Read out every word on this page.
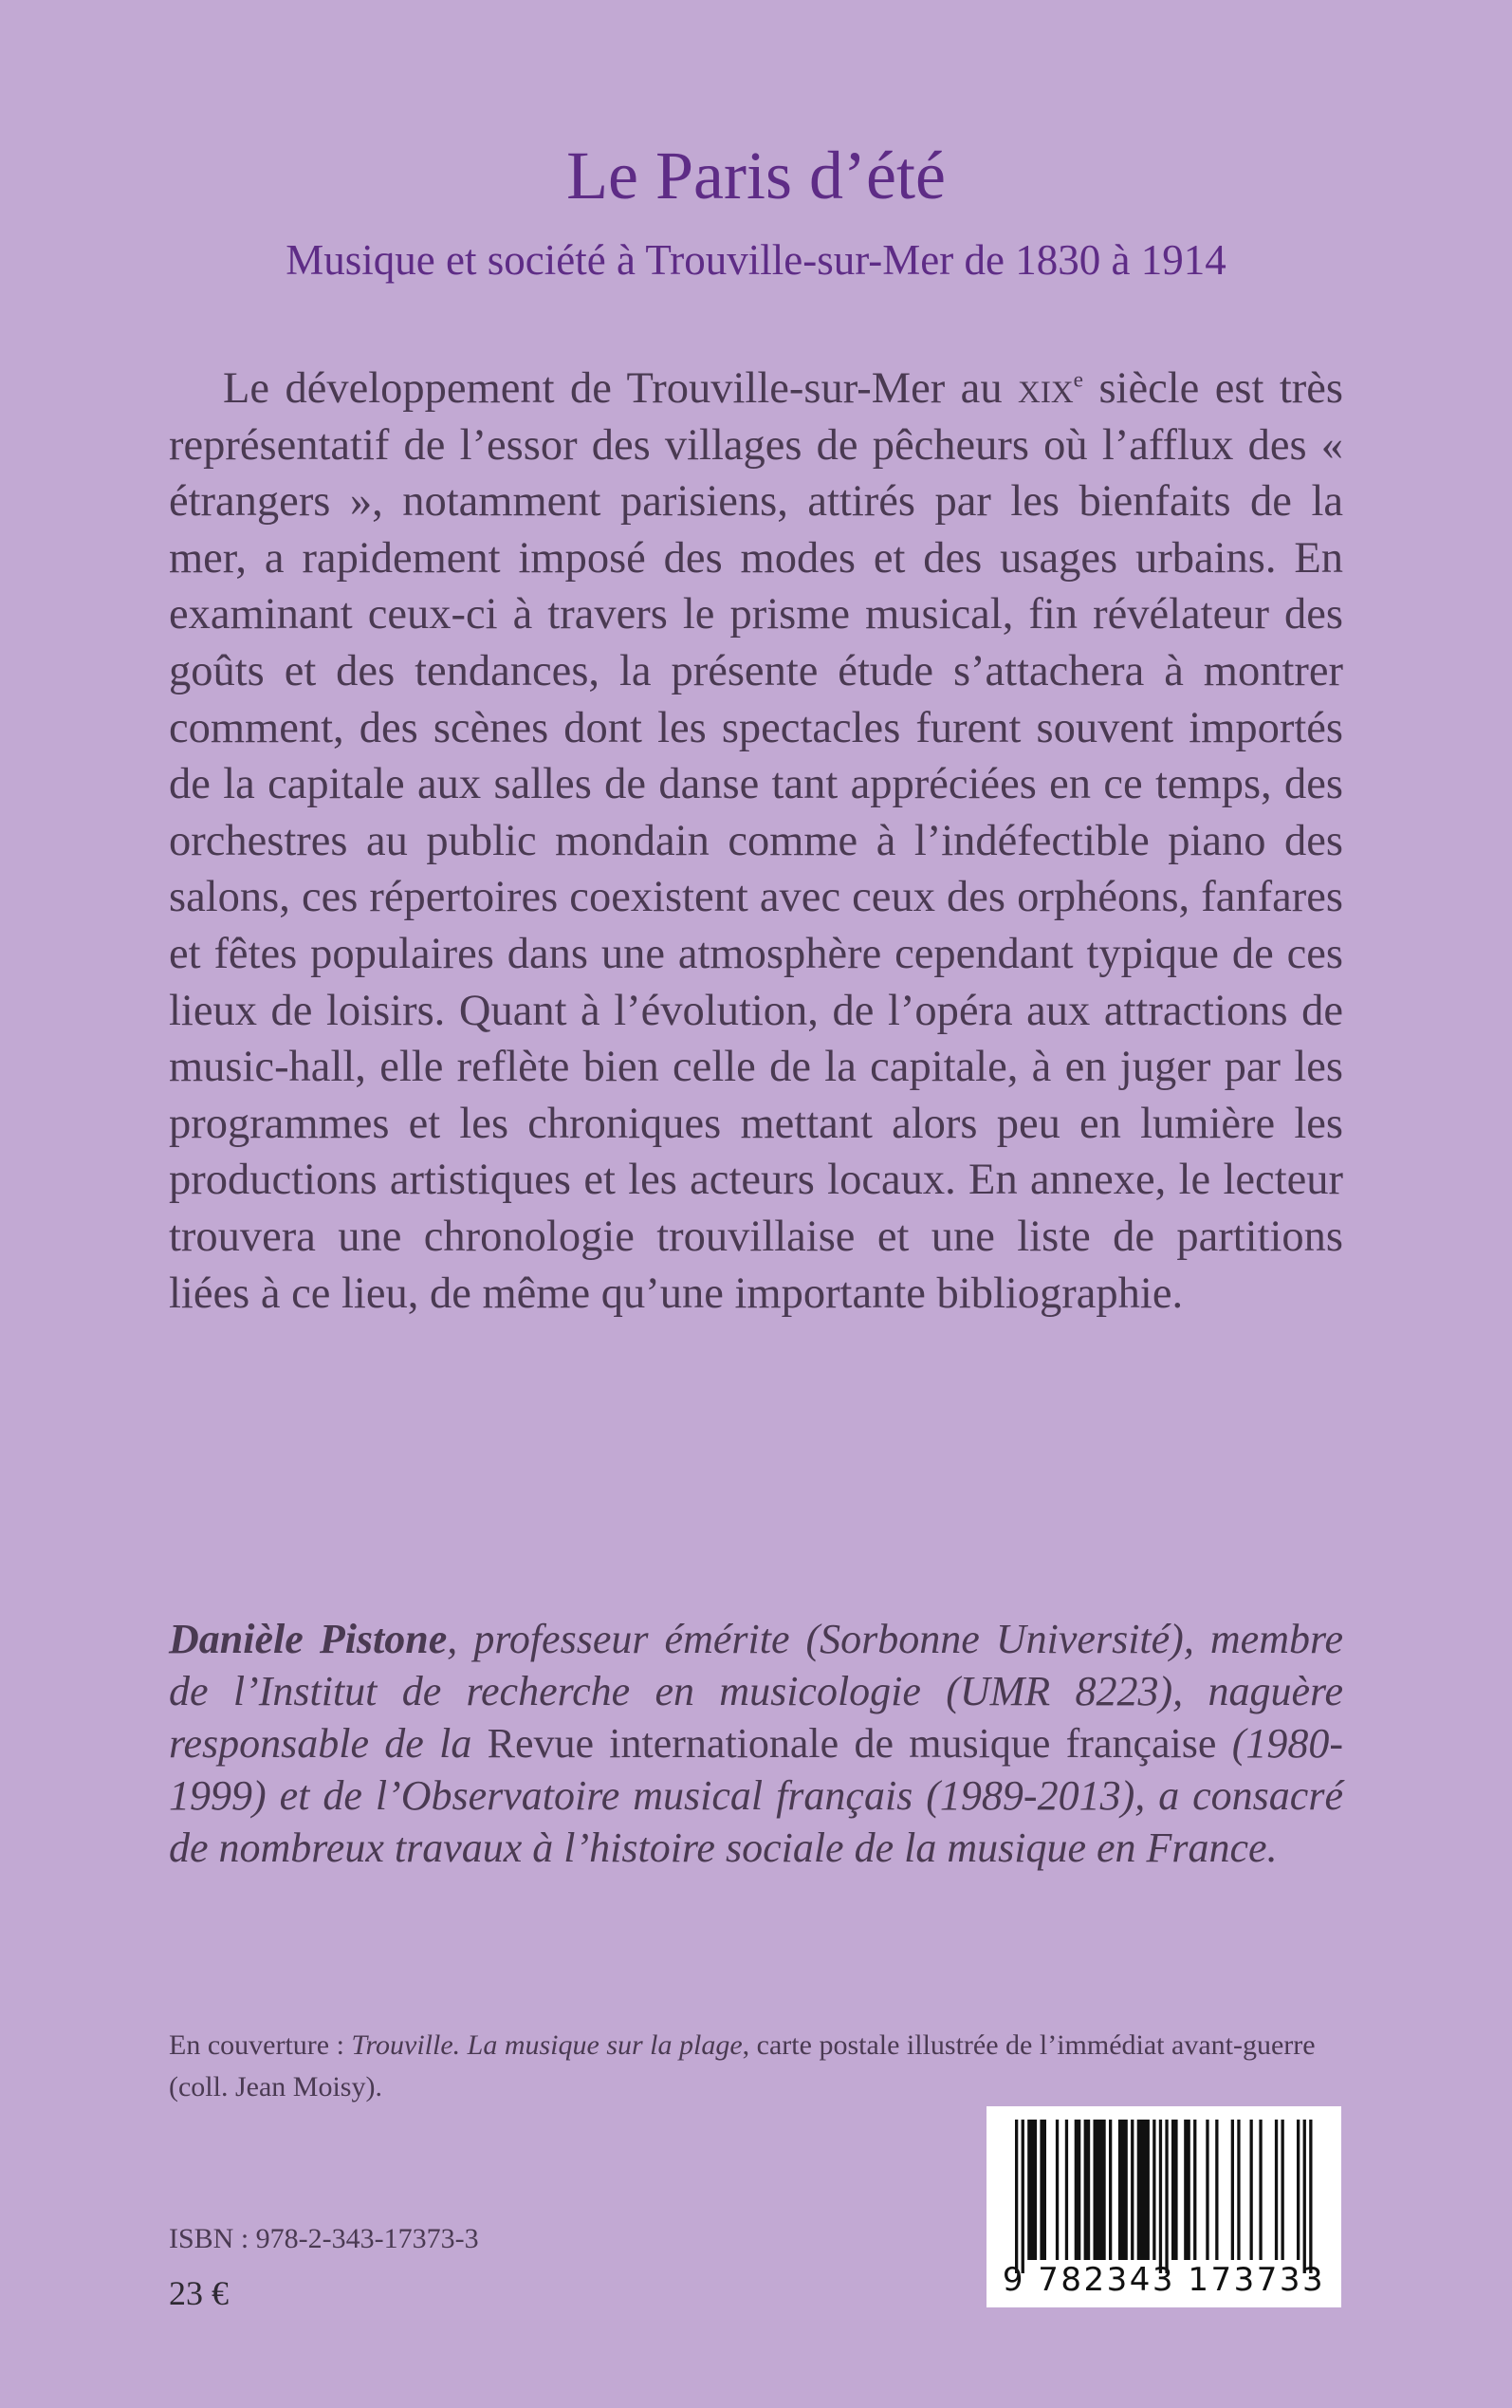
Le Paris d’été
Musique et société à Trouville-sur-Mer de 1830 à 1914
Le développement de Trouville-sur-Mer au xix$^e$ siècle est très représentatif de l’essor des villages de pêcheurs où l’afflux des « étrangers », notamment parisiens, attirés par les bienfaits de la mer, a rapidement imposé des modes et des usages urbains. En examinant ceux-ci à travers le prisme musical, fin révélateur des goûts et des tendances, la présente étude s’attachera à montrer comment, des scènes dont les spectacles furent souvent importés de la capitale aux salles de danse tant appréciées en ce temps, des orchestres au public mondain comme à l’indéfectible piano des salons, ces répertoires coexistent avec ceux des orphéons, fanfares et fêtes populaires dans une atmosphère cependant typique de ces lieux de loisirs. Quant à l’évolution, de l’opéra aux attractions de music-hall, elle reflète bien celle de la capitale, à en juger par les programmes et les chroniques mettant alors peu en lumière les productions artistiques et les acteurs locaux. En annexe, le lecteur trouvera une chronologie trouvillaise et une liste de partitions liées à ce lieu, de même qu’une importante bibliographie.
Danièle Pistone, professeur émérite (Sorbonne Université), membre de l’Institut de recherche en musicologie (UMR 8223), naguère responsable de la Revue internationale de musique française (1980-1999) et de l’Observatoire musical français (1989-2013), a consacré de nombreux travaux à l’histoire sociale de la musique en France.
En couverture : Trouville. La musique sur la plage, carte postale illustrée de l’immédiat avant-guerre (coll. Jean Moisy).
ISBN : 978-2-343-17373-3
23 €	9 782343 173733
